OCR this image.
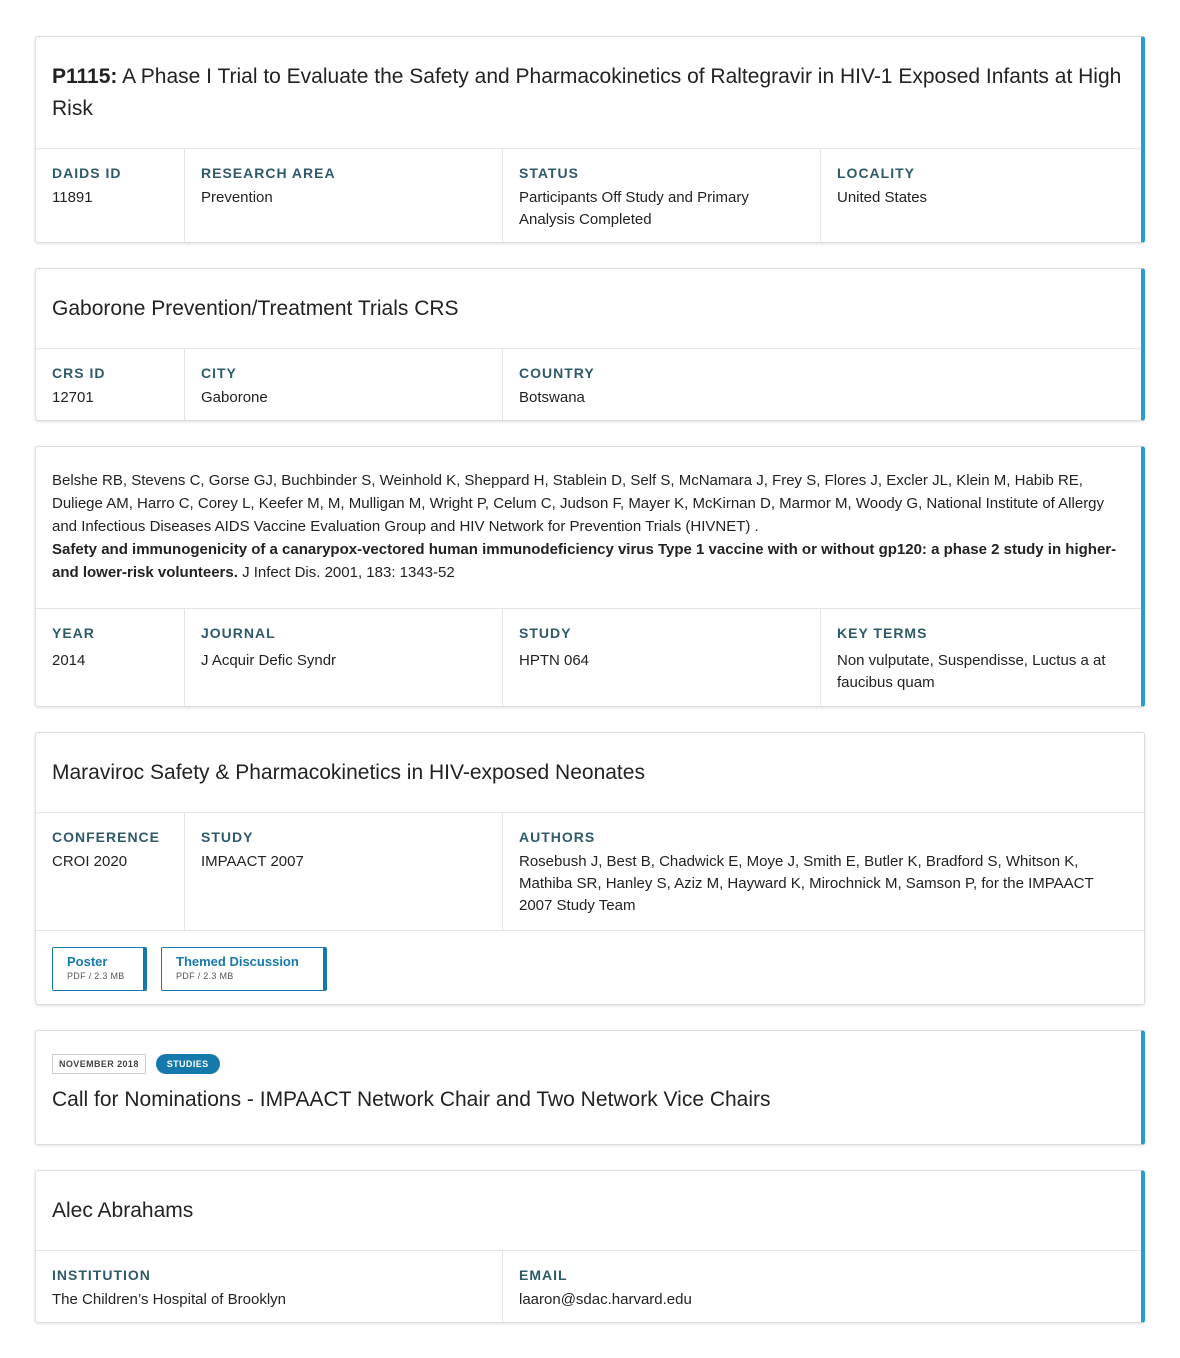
P1115: A Phase I Trial to Evaluate the Safety and Pharmacokinetics of Raltegravir in HIV-1 Exposed Infants at High Risk
DAIDS ID
11891
RESEARCH AREA
Prevention
STATUS
Participants Off Study and Primary Analysis Completed
LOCALITY
United States
Gaborone Prevention/Treatment Trials CRS
CRS ID
12701
CITY
Gaborone
COUNTRY
Botswana
Belshe RB, Stevens C, Gorse GJ, Buchbinder S, Weinhold K, Sheppard H, Stablein D, Self S, McNamara J, Frey S, Flores J, Excler JL, Klein M, Habib RE, Duliege AM, Harro C, Corey L, Keefer M, M, Mulligan M, Wright P, Celum C, Judson F, Mayer K, McKirnan D, Marmor M, Woody G, National Institute of Allergy and Infectious Diseases AIDS Vaccine Evaluation Group and HIV Network for Prevention Trials (HIVNET) .
Safety and immunogenicity of a canarypox-vectored human immunodeficiency virus Type 1 vaccine with or without gp120: a phase 2 study in higher- and lower-risk volunteers. J Infect Dis. 2001, 183: 1343-52
YEAR
2014
JOURNAL
J Acquir Defic Syndr
STUDY
HPTN 064
KEY TERMS
Non vulputate, Suspendisse, Luctus a at faucibus quam
Maraviroc Safety & Pharmacokinetics in HIV-exposed Neonates
CONFERENCE
CROI 2020
STUDY
IMPAACT 2007
AUTHORS
Rosebush J, Best B, Chadwick E, Moye J, Smith E, Butler K, Bradford S, Whitson K, Mathiba SR, Hanley S, Aziz M, Hayward K, Mirochnick M, Samson P, for the IMPAACT 2007 Study Team
Poster
PDF / 2.3 MB
Themed Discussion
PDF / 2.3 MB
NOVEMBER 2018	STUDIES
Call for Nominations - IMPAACT Network Chair and Two Network Vice Chairs
Alec Abrahams
INSTITUTION
The Children’s Hospital of Brooklyn
EMAIL
laaron@sdac.harvard.edu
